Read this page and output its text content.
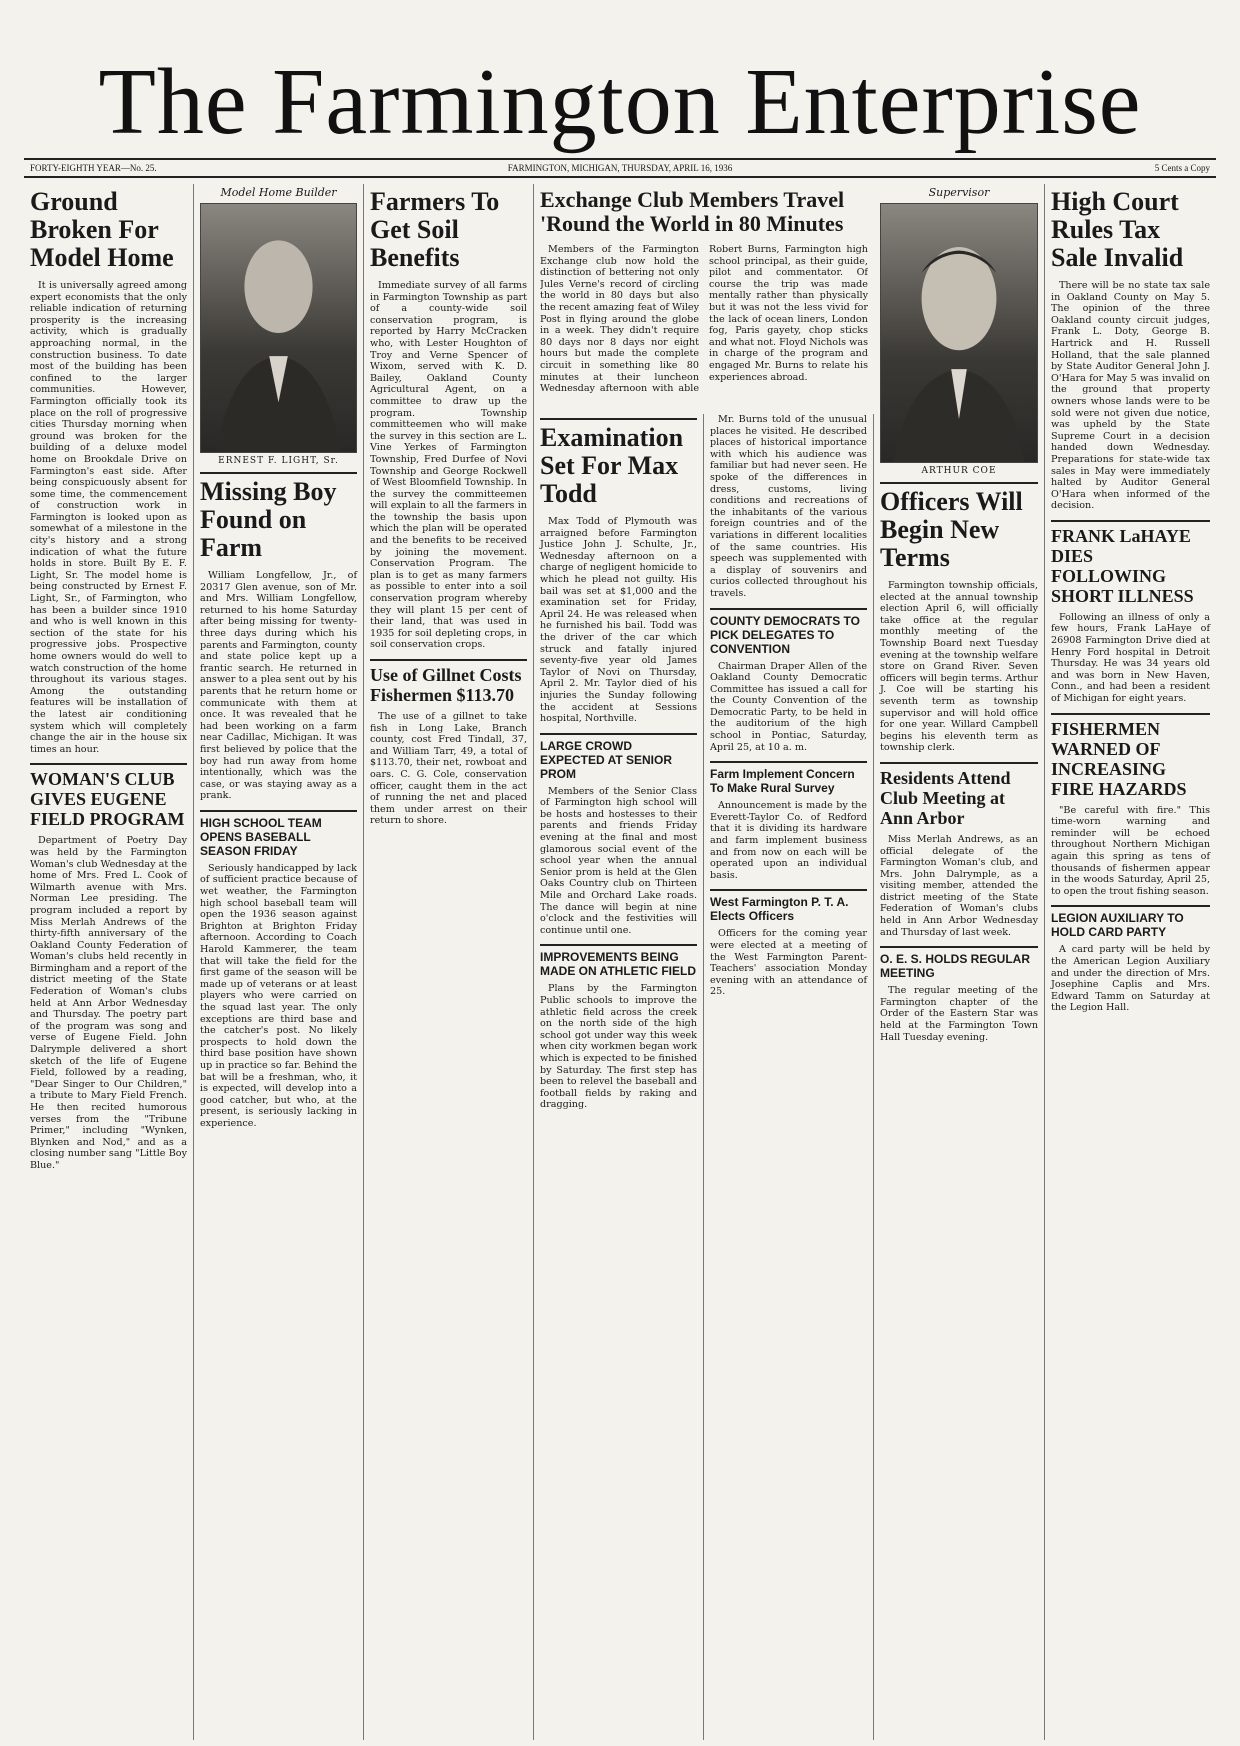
The Farmington Enterprise
FORTY-EIGHTH YEAR—No. 25.	FARMINGTON, MICHIGAN, THURSDAY, APRIL 16, 1936	5 Cents a Copy
Ground Broken For Model Home

It is universally agreed among expert economists that the only reliable indication of returning prosperity is the increasing activity, which is gradually approaching normal, in the construction business. To date most of the building has been confined to the larger communities. However, Farmington officially took its place on the roll of progressive cities Thursday morning when ground was broken for the building of a deluxe model home on Brookdale Drive on Farmington's east side. After being conspicuously absent for some time, the commencement of construction work in Farmington is looked upon as somewhat of a milestone in the city's history and a strong indication of what the future holds in store. Built By E. F. Light, Sr. The model home is being constructed by Ernest F. Light, Sr., of Farmington, who has been a builder since 1910 and who is well known in this section of the state for his progressive jobs. Prospective home owners would do well to watch construction of the home throughout its various stages. Among the outstanding features will be installation of the latest air conditioning system which will completely change the air in the house six times an hour.

WOMAN'S CLUB GIVES EUGENE FIELD PROGRAM

Department of Poetry Day was held by the Farmington Woman's club Wednesday at the home of Mrs. Fred L. Cook of Wilmarth avenue with Mrs. Norman Lee presiding. The program included a report by Miss Merlah Andrews of the thirty-fifth anniversary of the Oakland County Federation of Woman's clubs held recently in Birmingham and a report of the district meeting of the State Federation of Woman's clubs held at Ann Arbor Wednesday and Thursday. The poetry part of the program was song and verse of Eugene Field. John Dalrymple delivered a short sketch of the life of Eugene Field, followed by a reading, "Dear Singer to Our Children," a tribute to Mary Field French. He then recited humorous verses from the "Tribune Primer," including "Wynken, Blynken and Nod," and as a closing number sang "Little Boy Blue."

Model Home Builder
ERNEST F. LIGHT, Sr.
Missing Boy Found on Farm

William Longfellow, Jr., of 20317 Glen avenue, son of Mr. and Mrs. William Longfellow, returned to his home Saturday after being missing for twenty-three days during which his parents and Farmington, county and state police kept up a frantic search. He returned in answer to a plea sent out by his parents that he return home or communicate with them at once. It was revealed that he had been working on a farm near Cadillac, Michigan. It was first believed by police that the boy had run away from home intentionally, which was the case, or was staying away as a prank.

HIGH SCHOOL TEAM OPENS BASEBALL SEASON FRIDAY

Seriously handicapped by lack of sufficient practice because of wet weather, the Farmington high school baseball team will open the 1936 season against Brighton at Brighton Friday afternoon. According to Coach Harold Kammerer, the team that will take the field for the first game of the season will be made up of veterans or at least players who were carried on the squad last year. The only exceptions are third base and the catcher's post. No likely prospects to hold down the third base position have shown up in practice so far. Behind the bat will be a freshman, who, it is expected, will develop into a good catcher, but who, at the present, is seriously lacking in experience.

Farmers To Get Soil Benefits

Immediate survey of all farms in Farmington Township as part of a county-wide soil conservation program, is reported by Harry McCracken who, with Lester Houghton of Troy and Verne Spencer of Wixom, served with K. D. Bailey, Oakland County Agricultural Agent, on a committee to draw up the program. Township committeemen who will make the survey in this section are L. Vine Yerkes of Farmington Township, Fred Durfee of Novi Township and George Rockwell of West Bloomfield Township. In the survey the committeemen will explain to all the farmers in the township the basis upon which the plan will be operated and the benefits to be received by joining the movement. Conservation Program. The plan is to get as many farmers as possible to enter into a soil conservation program whereby they will plant 15 per cent of their land, that was used in 1935 for soil depleting crops, in soil conservation crops.

Use of Gillnet Costs Fishermen $113.70

The use of a gillnet to take fish in Long Lake, Branch county, cost Fred Tindall, 37, and William Tarr, 49, a total of $113.70, their net, rowboat and oars. C. G. Cole, conservation officer, caught them in the act of running the net and placed them under arrest on their return to shore.

Exchange Club Members Travel 'Round the World in 80 Minutes

Members of the Farmington Exchange club now hold the distinction of bettering not only Jules Verne's record of circling the world in 80 days but also the recent amazing feat of Wiley Post in flying around the globe in a week. They didn't require 80 days nor 8 days nor eight hours but made the complete circuit in something like 80 minutes at their luncheon Wednesday afternoon with able Robert Burns, Farmington high school principal, as their guide, pilot and commentator. Of course the trip was made mentally rather than physically but it was not the less vivid for the lack of ocean liners, London fog, Paris gayety, chop sticks and what not. Floyd Nichols was in charge of the program and engaged Mr. Burns to relate his experiences abroad.

Examination Set For Max Todd

Max Todd of Plymouth was arraigned before Farmington Justice John J. Schulte, Jr., Wednesday afternoon on a charge of negligent homicide to which he plead not guilty. His bail was set at $1,000 and the examination set for Friday, April 24. He was released when he furnished his bail. Todd was the driver of the car which struck and fatally injured seventy-five year old James Taylor of Novi on Thursday, April 2. Mr. Taylor died of his injuries the Sunday following the accident at Sessions hospital, Northville.

LARGE CROWD EXPECTED AT SENIOR PROM

Members of the Senior Class of Farmington high school will be hosts and hostesses to their parents and friends Friday evening at the final and most glamorous social event of the school year when the annual Senior prom is held at the Glen Oaks Country club on Thirteen Mile and Orchard Lake roads. The dance will begin at nine o'clock and the festivities will continue until one.

IMPROVEMENTS BEING MADE ON ATHLETIC FIELD

Plans by the Farmington Public schools to improve the athletic field across the creek on the north side of the high school got under way this week when city workmen began work which is expected to be finished by Saturday. The first step has been to relevel the baseball and football fields by raking and dragging.

Mr. Burns told of the unusual places he visited. He described places of historical importance with which his audience was familiar but had never seen. He spoke of the differences in dress, customs, living conditions and recreations of the inhabitants of the various foreign countries and of the variations in different localities of the same countries. His speech was supplemented with a display of souvenirs and curios collected throughout his travels.

COUNTY DEMOCRATS TO PICK DELEGATES TO CONVENTION

Chairman Draper Allen of the Oakland County Democratic Committee has issued a call for the County Convention of the Democratic Party, to be held in the auditorium of the high school in Pontiac, Saturday, April 25, at 10 a. m.

Farm Implement Concern To Make Rural Survey

Announcement is made by the Everett-Taylor Co. of Redford that it is dividing its hardware and farm implement business and from now on each will be operated upon an individual basis.

West Farmington P. T. A. Elects Officers

Officers for the coming year were elected at a meeting of the West Farmington Parent-Teachers' association Monday evening with an attendance of 25.

Supervisor
ARTHUR COE
Officers Will Begin New Terms

Farmington township officials, elected at the annual township election April 6, will officially take office at the regular monthly meeting of the Township Board next Tuesday evening at the township welfare store on Grand River. Seven officers will begin terms. Arthur J. Coe will be starting his seventh term as township supervisor and will hold office for one year. Willard Campbell begins his eleventh term as township clerk.

Residents Attend Club Meeting at Ann Arbor

Miss Merlah Andrews, as an official delegate of the Farmington Woman's club, and Mrs. John Dalrymple, as a visiting member, attended the district meeting of the State Federation of Woman's clubs held in Ann Arbor Wednesday and Thursday of last week.

O. E. S. HOLDS REGULAR MEETING

The regular meeting of the Farmington chapter of the Order of the Eastern Star was held at the Farmington Town Hall Tuesday evening.

High Court Rules Tax Sale Invalid

There will be no state tax sale in Oakland County on May 5. The opinion of the three Oakland county circuit judges, Frank L. Doty, George B. Hartrick and H. Russell Holland, that the sale planned by State Auditor General John J. O'Hara for May 5 was invalid on the ground that property owners whose lands were to be sold were not given due notice, was upheld by the State Supreme Court in a decision handed down Wednesday. Preparations for state-wide tax sales in May were immediately halted by Auditor General O'Hara when informed of the decision.

FRANK LaHAYE DIES FOLLOWING SHORT ILLNESS

Following an illness of only a few hours, Frank LaHaye of 26908 Farmington Drive died at Henry Ford hospital in Detroit Thursday. He was 34 years old and was born in New Haven, Conn., and had been a resident of Michigan for eight years.

FISHERMEN WARNED OF INCREASING FIRE HAZARDS

"Be careful with fire." This time-worn warning and reminder will be echoed throughout Northern Michigan again this spring as tens of thousands of fishermen appear in the woods Saturday, April 25, to open the trout fishing season.

LEGION AUXILIARY TO HOLD CARD PARTY

A card party will be held by the American Legion Auxiliary and under the direction of Mrs. Josephine Caplis and Mrs. Edward Tamm on Saturday at the Legion Hall.
